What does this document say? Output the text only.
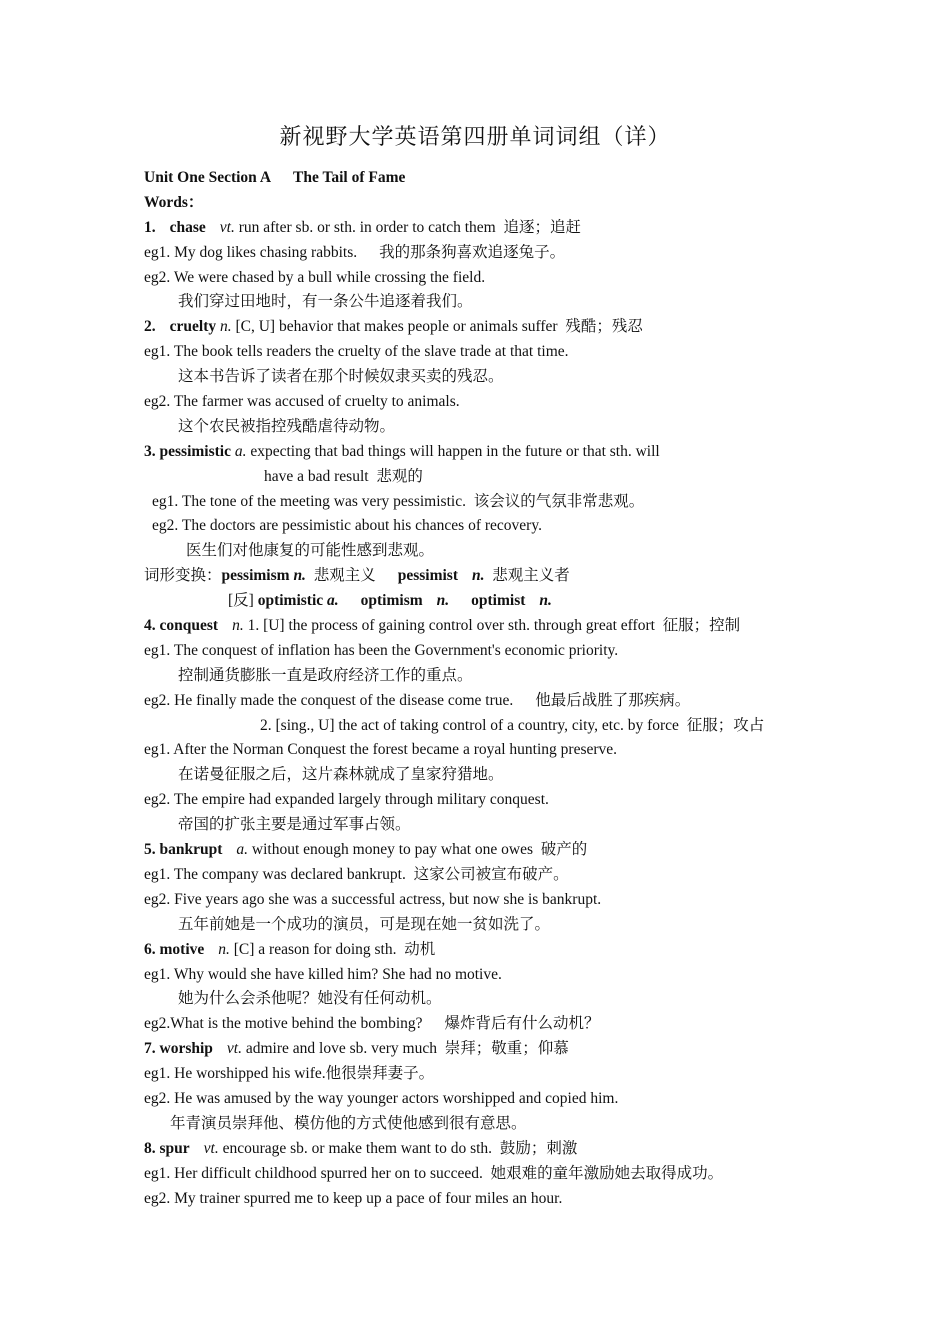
新视野大学英语第四册单词词组（详）
Unit One Section A The Tail of Fame
Words：
1. chase vt. run after sb. or sth. in order to catch them 追逐；追赶
eg1. My dog likes chasing rabbits. 我的那条狗喜欢追逐兔子。
eg2. We were chased by a bull while crossing the field.
我们穿过田地时，有一条公牛追逐着我们。
2. cruelty n. [C, U] behavior that makes people or animals suffer 残酷；残忍
eg1. The book tells readers the cruelty of the slave trade at that time.
这本书告诉了读者在那个时候奴隶买卖的残忍。
eg2. The farmer was accused of cruelty to animals.
这个农民被指控残酷虐待动物。
3. pessimistic a. expecting that bad things will happen in the future or that sth. will
have a bad result 悲观的
eg1. The tone of the meeting was very pessimistic. 该会议的气氛非常悲观。
eg2. The doctors are pessimistic about his chances of recovery.
医生们对他康复的可能性感到悲观。
词形变换：pessimism n. 悲观主义 pessimist n. 悲观主义者
[反] optimistic a. optimism n. optimist n.
4. conquest n. 1. [U] the process of gaining control over sth. through great effort 征服；控制
eg1. The conquest of inflation has been the Government's economic priority.
控制通货膨胀一直是政府经济工作的重点。
eg2. He finally made the conquest of the disease come true. 他最后战胜了那疾病。
2. [sing., U] the act of taking control of a country, city, etc. by force 征服；攻占
eg1. After the Norman Conquest the forest became a royal hunting preserve.
在诺曼征服之后，这片森林就成了皇家狩猎地。
eg2. The empire had expanded largely through military conquest.
帝国的扩张主要是通过军事占领。
5. bankrupt a. without enough money to pay what one owes 破产的
eg1. The company was declared bankrupt. 这家公司被宣布破产。
eg2. Five years ago she was a successful actress, but now she is bankrupt.
五年前她是一个成功的演员，可是现在她一贫如洗了。
6. motive n. [C] a reason for doing sth. 动机
eg1. Why would she have killed him? She had no motive.
她为什么会杀他呢？她没有任何动机。
eg2.What is the motive behind the bombing? 爆炸背后有什么动机？
7. worship vt. admire and love sb. very much 崇拜；敬重；仰慕
eg1. He worshipped his wife.他很崇拜妻子。
eg2. He was amused by the way younger actors worshipped and copied him.
年青演员崇拜他、模仿他的方式使他感到很有意思。
8. spur vt. encourage sb. or make them want to do sth. 鼓励；刺激
eg1. Her difficult childhood spurred her on to succeed. 她艰难的童年激励她去取得成功。
eg2. My trainer spurred me to keep up a pace of four miles an hour.
